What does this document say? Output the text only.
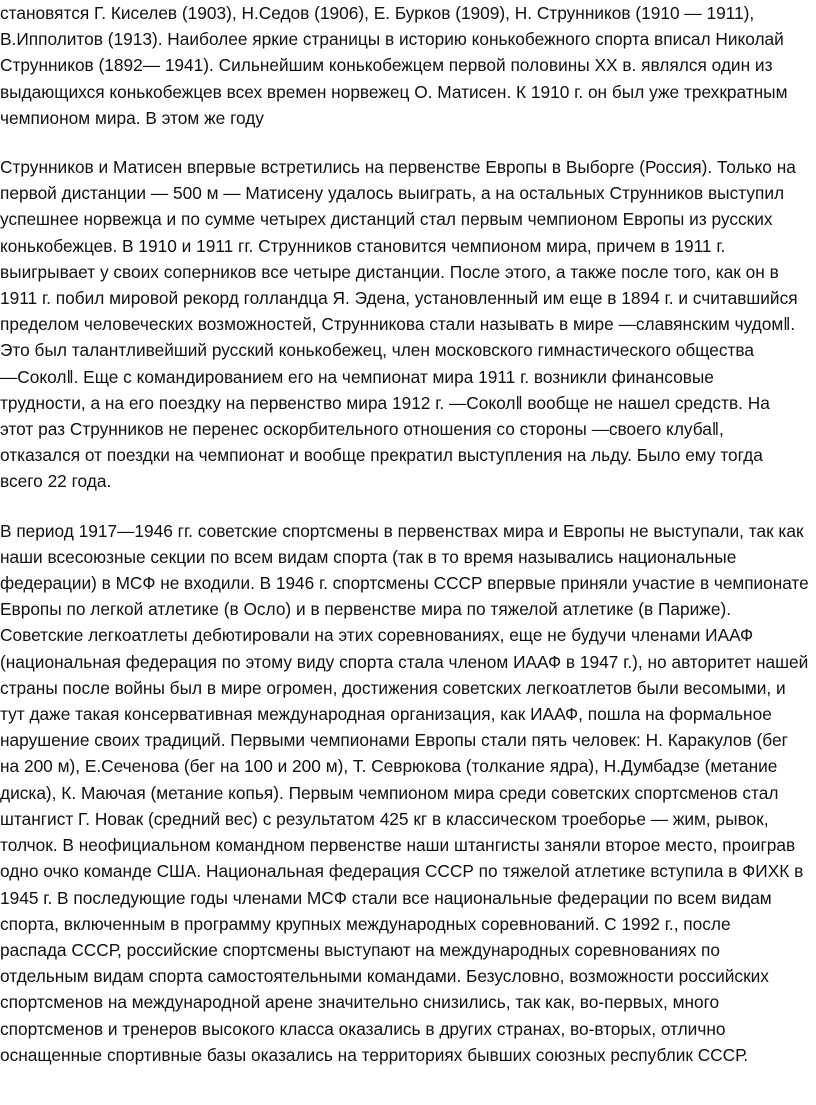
становятся Г. Киселев (1903), Н.Седов (1906), Е. Бурков (1909), Н. Струнников (1910 — 1911),
В.Ипполитов (1913). Наиболее яркие страницы в историю конькобежного спорта вписал Николай
Струнников (1892— 1941). Сильнейшим конькобежцем первой половины XX в. являлся один из
выдающихся конькобежцев всех времен норвежец О. Матисен. К 1910 г. он был уже трехкратным
чемпионом мира. В этом же году

Струнников и Матисен впервые встретились на первенстве Европы в Выборге (Россия). Только на
первой дистанции — 500 м — Матисену удалось выиграть, а на остальных Струнников выступил
успешнее норвежца и по сумме четырех дистанций стал первым чемпионом Европы из русских
конькобежцев. В 1910 и 1911 гг. Струнников становится чемпионом мира, причем в 1911 г.
выигрывает у своих соперников все четыре дистанции. После этого, а также после того, как он в
1911 г. побил мировой рекорд голландца Я. Эдена, установленный им еще в 1894 г. и считавшийся
пределом человеческих возможностей, Струнникова стали называть в мире ―славянским чудом‖.
Это был талантливейший русский конькобежец, член московского гимнастического общества
―Сокол‖. Еще с командированием его на чемпионат мира 1911 г. возникли финансовые
трудности, а на его поездку на первенство мира 1912 г. ―Сокол‖ вообще не нашел средств. На
этот раз Струнников не перенес оскорбительного отношения со стороны ―своего клуба‖,
отказался от поездки на чемпионат и вообще прекратил выступления на льду. Было ему тогда
всего 22 года.

В период 1917—1946 гг. советские спортсмены в первенствах мира и Европы не выступали, так как
наши всесоюзные секции по всем видам спорта (так в то время назывались национальные
федерации) в МСФ не входили. В 1946 г. спортсмены СССР впервые приняли участие в чемпионате
Европы по легкой атлетике (в Осло) и в первенстве мира по тяжелой атлетике (в Париже).
Советские легкоатлеты дебютировали на этих соревнованиях, еще не будучи членами ИААФ
(национальная федерация по этому виду спорта стала членом ИААФ в 1947 г.), но авторитет нашей
страны после войны был в мире огромен, достижения советских легкоатлетов были весомыми, и
тут даже такая консервативная международная организация, как ИААФ, пошла на формальное
нарушение своих традиций. Первыми чемпионами Европы стали пять человек: Н. Каракулов (бег
на 200 м), Е.Сеченова (бег на 100 и 200 м), Т. Севрюкова (толкание ядра), Н.Думбадзе (метание
диска), К. Маючая (метание копья). Первым чемпионом мира среди советских спортсменов стал
штангист Г. Новак (средний вес) с результатом 425 кг в классическом троеборье — жим, рывок,
толчок. В неофициальном командном первенстве наши штангисты заняли второе место, проиграв
одно очко команде США. Национальная федерация СССР по тяжелой атлетике вступила в ФИХК в
1945 г. В последующие годы членами МСФ стали все национальные федерации по всем видам
спорта, включенным в программу крупных международных соревнований. С 1992 г., после
распада СССР, российские спортсмены выступают на международных соревнованиях по
отдельным видам спорта самостоятельными командами. Безусловно, возможности российских
спортсменов на международной арене значительно снизились, так как, во-первых, много
спортсменов и тренеров высокого класса оказались в других странах, во-вторых, отлично
оснащенные спортивные базы оказались на территориях бывших союзных республик СССР.
